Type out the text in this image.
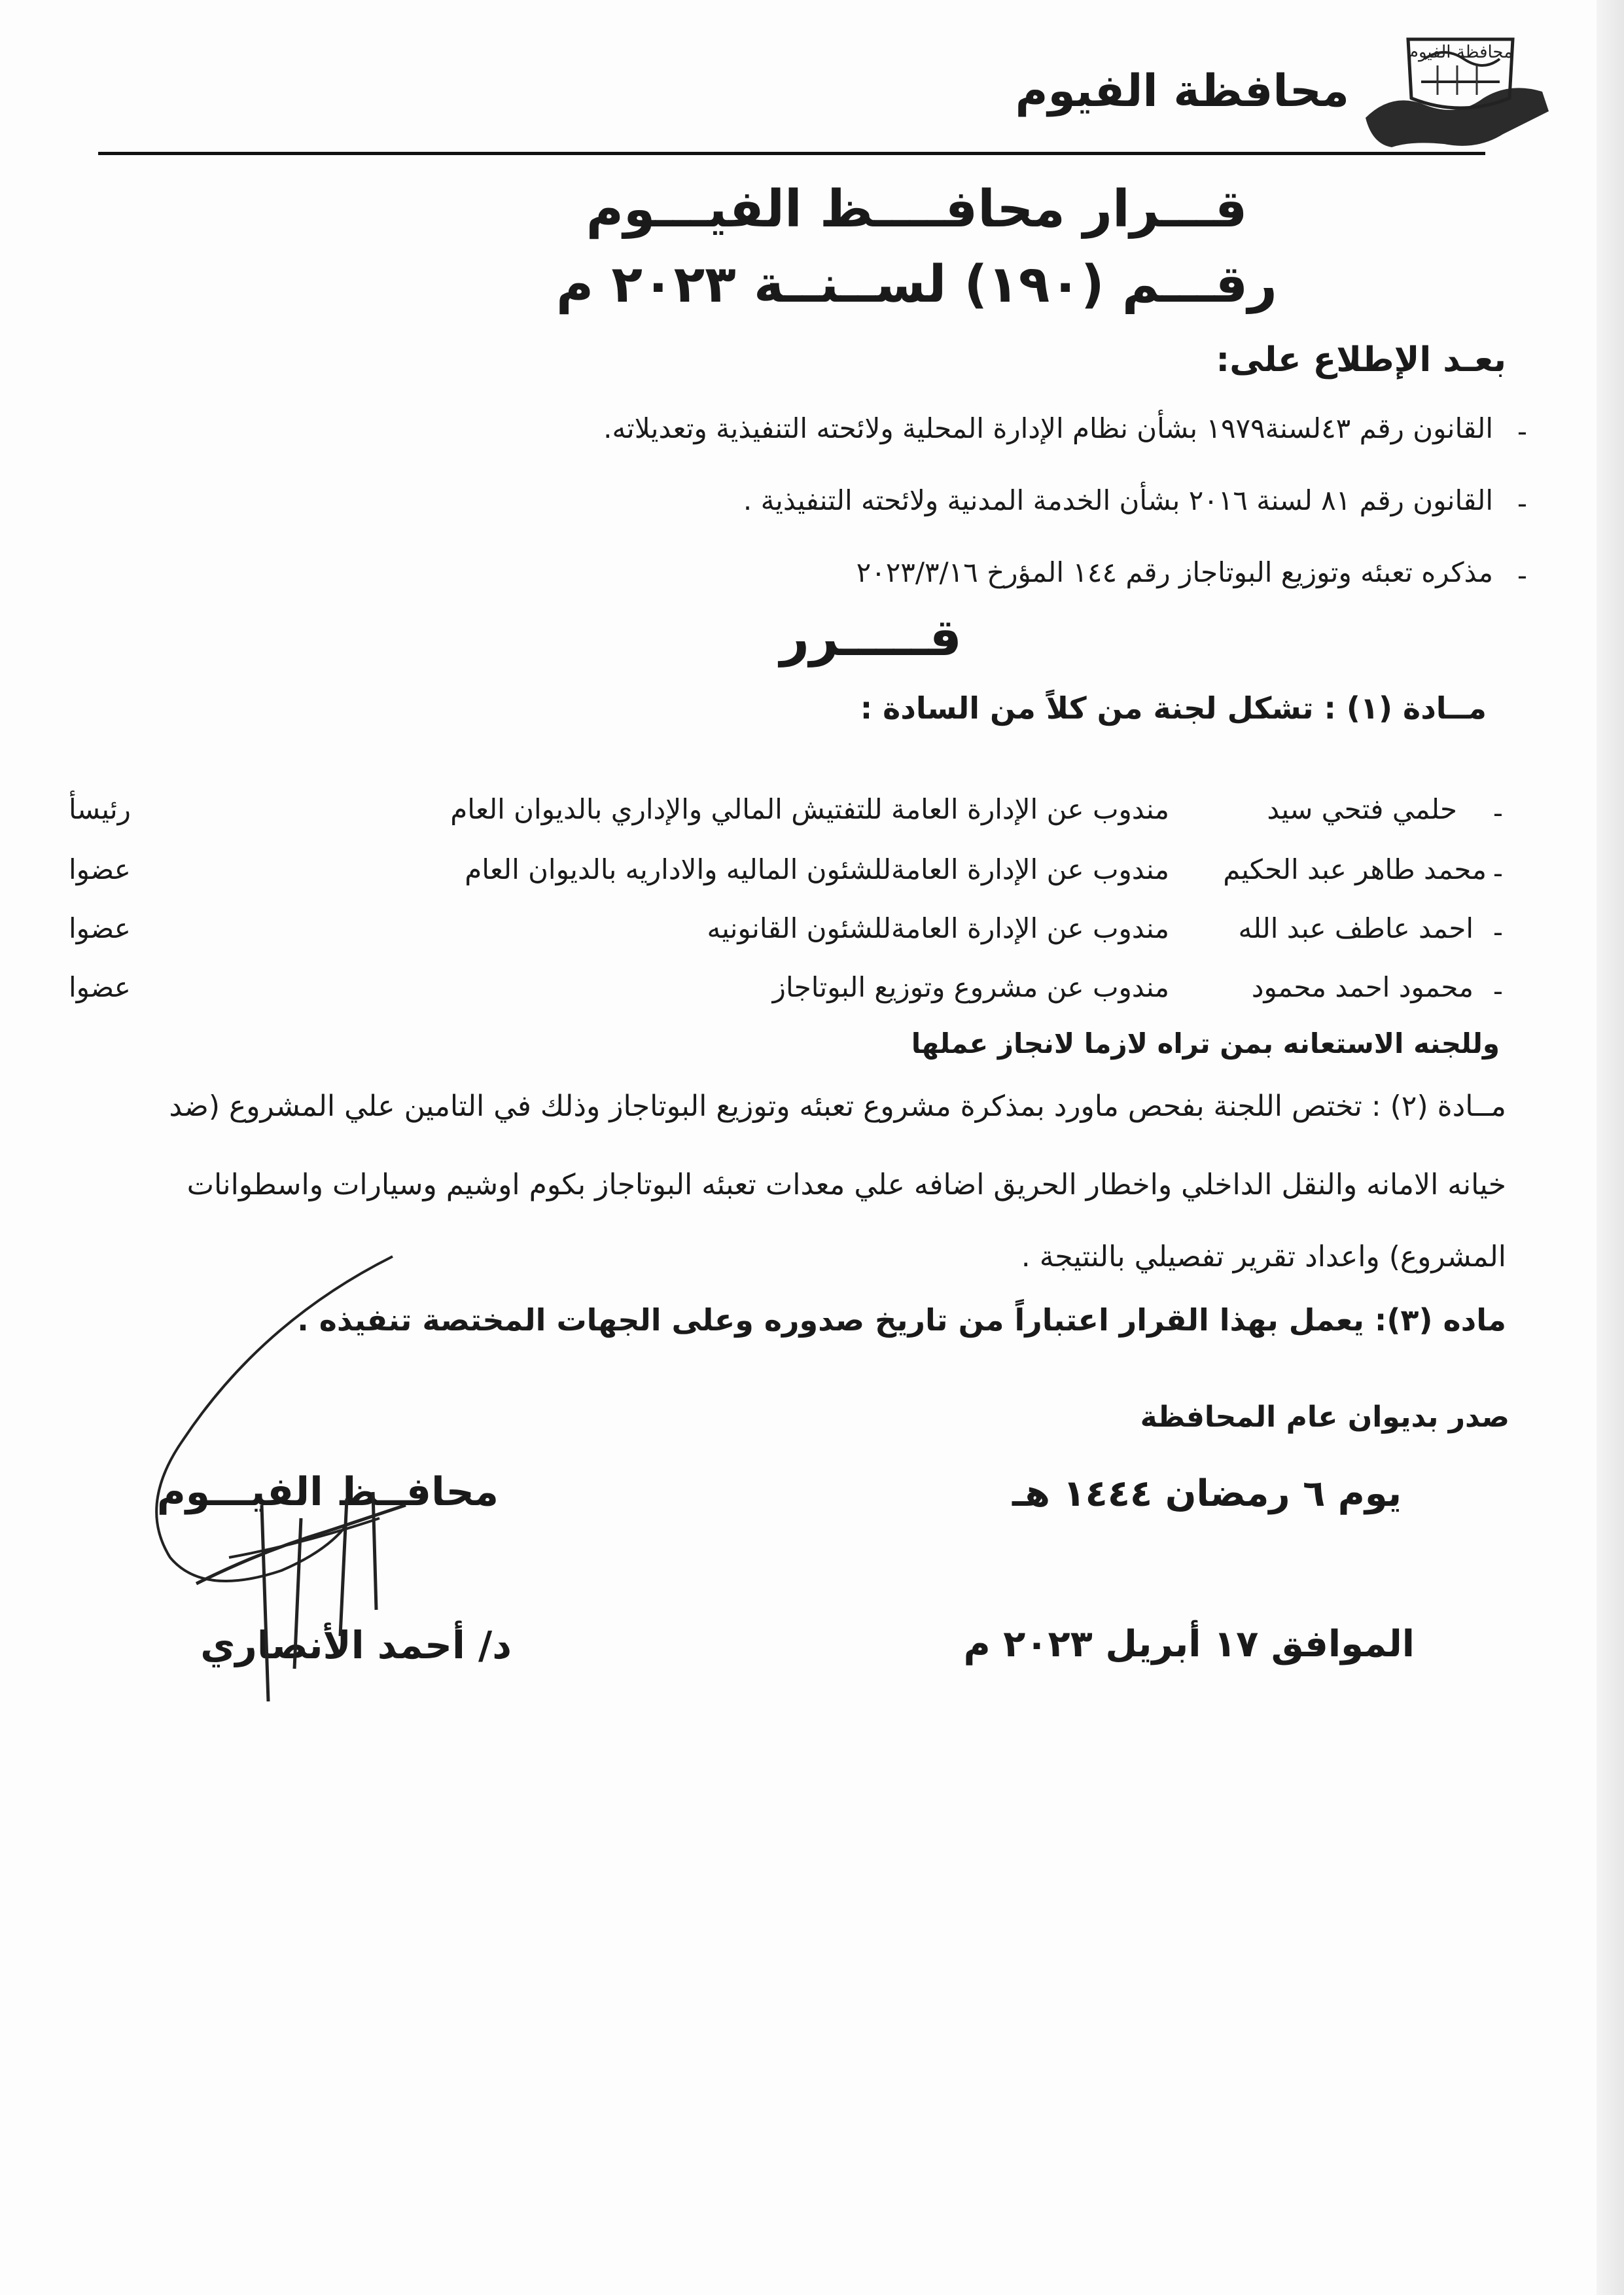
محافظة الفيوم
محافظة الفيوم
قـــرار محافــــظ الفيـــوم
رقـــم (١٩٠) لســنــة ٢٠٢٣ م
بعـد الإطلاع على:
-
القانون رقم ٤٣لسنة١٩٧٩ بشأن نظام الإدارة المحلية ولائحته التنفيذية وتعديلاته.
-
القانون رقم ٨١ لسنة ٢٠١٦ بشأن الخدمة المدنية ولائحته التنفيذية .
-
مذكره تعبئه وتوزيع البوتاجاز رقم ١٤٤ المؤرخ ٢٠٢٣/٣/١٦
قـــــرر
مــادة (١) : تشكل لجنة من كلاً من السادة :
-
حلمي فتحي سيد
مندوب عن الإدارة العامة للتفتيش المالي والإداري بالديوان العام
رئيسأ
-
محمد طاهر عبد الحكيم
مندوب عن الإدارة العامةللشئون الماليه والاداريه بالديوان العام
عضوا
-
احمد عاطف عبد الله
مندوب عن الإدارة العامةللشئون القانونيه
عضوا
-
محمود احمد محمود
مندوب عن مشروع وتوزيع البوتاجاز
عضوا
وللجنه الاستعانه بمن تراه لازما لانجاز عملها
مــادة (٢) : تختص اللجنة بفحص ماورد بمذكرة مشروع تعبئه وتوزيع البوتاجاز وذلك في التامين علي المشروع (ضد
خيانه الامانه والنقل الداخلي واخطار الحريق اضافه علي معدات تعبئه البوتاجاز بكوم اوشيم وسيارات واسطوانات
المشروع) واعداد تقرير تفصيلي بالنتيجة .
ماده (٣): يعمل بهذا القرار اعتباراً من تاريخ صدوره وعلى الجهات المختصة تنفيذه .
صدر بديوان عام المحافظة
يوم ٦ رمضان ١٤٤٤ هـ
الموافق ١٧ أبريل ٢٠٢٣ م
محافــظ الفيـــوم
د/ أحمد الأنصاري
